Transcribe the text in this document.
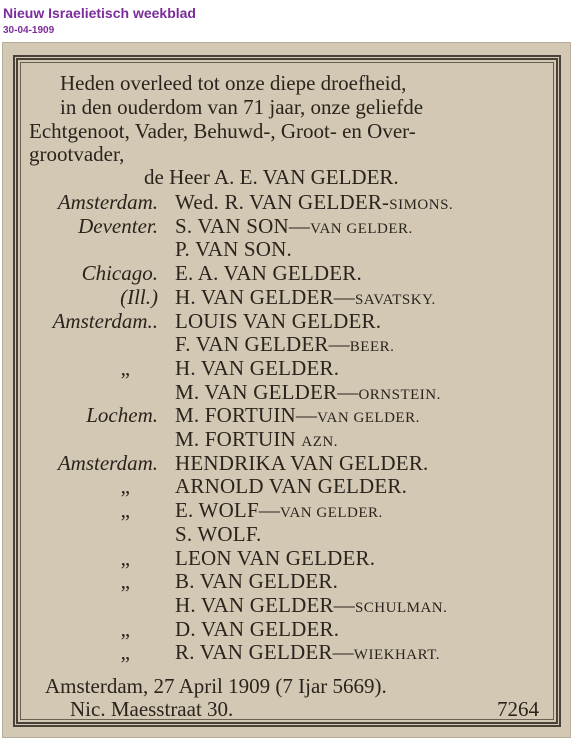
Nieuw Israelietisch weekblad
30-04-1909
Heden overleed tot onze diepe droefheid,
in den ouderdom van 71 jaar, onze geliefde
Echtgenoot, Vader, Behuwd-, Groot- en Over-
grootvader,
de Heer A. E. VAN GELDER.
Amsterdam. Wed. R. VAN GELDER-SIMONS.
Deventer. S. VAN SON—VAN GELDER.
P. VAN SON.
Chicago. E. A. VAN GELDER.
(Ill.) H. VAN GELDER—SAVATSKY.
Amsterdam.. LOUIS VAN GELDER.
F. VAN GELDER—BEER.
„ H. VAN GELDER.
M. VAN GELDER—ORNSTEIN.
Lochem. M. FORTUIN—VAN GELDER.
M. FORTUIN AZN.
Amsterdam. HENDRIKA VAN GELDER.
„ ARNOLD VAN GELDER.
„ E. WOLF—VAN GELDER.
S. WOLF.
„ LEON VAN GELDER.
„ B. VAN GELDER.
H. VAN GELDER—SCHULMAN.
„ D. VAN GELDER.
„ R. VAN GELDER—WIEKHART.
Amsterdam, 27 April 1909 (7 Ijar 5669).
Nic. Maesstraat 30.	7264
